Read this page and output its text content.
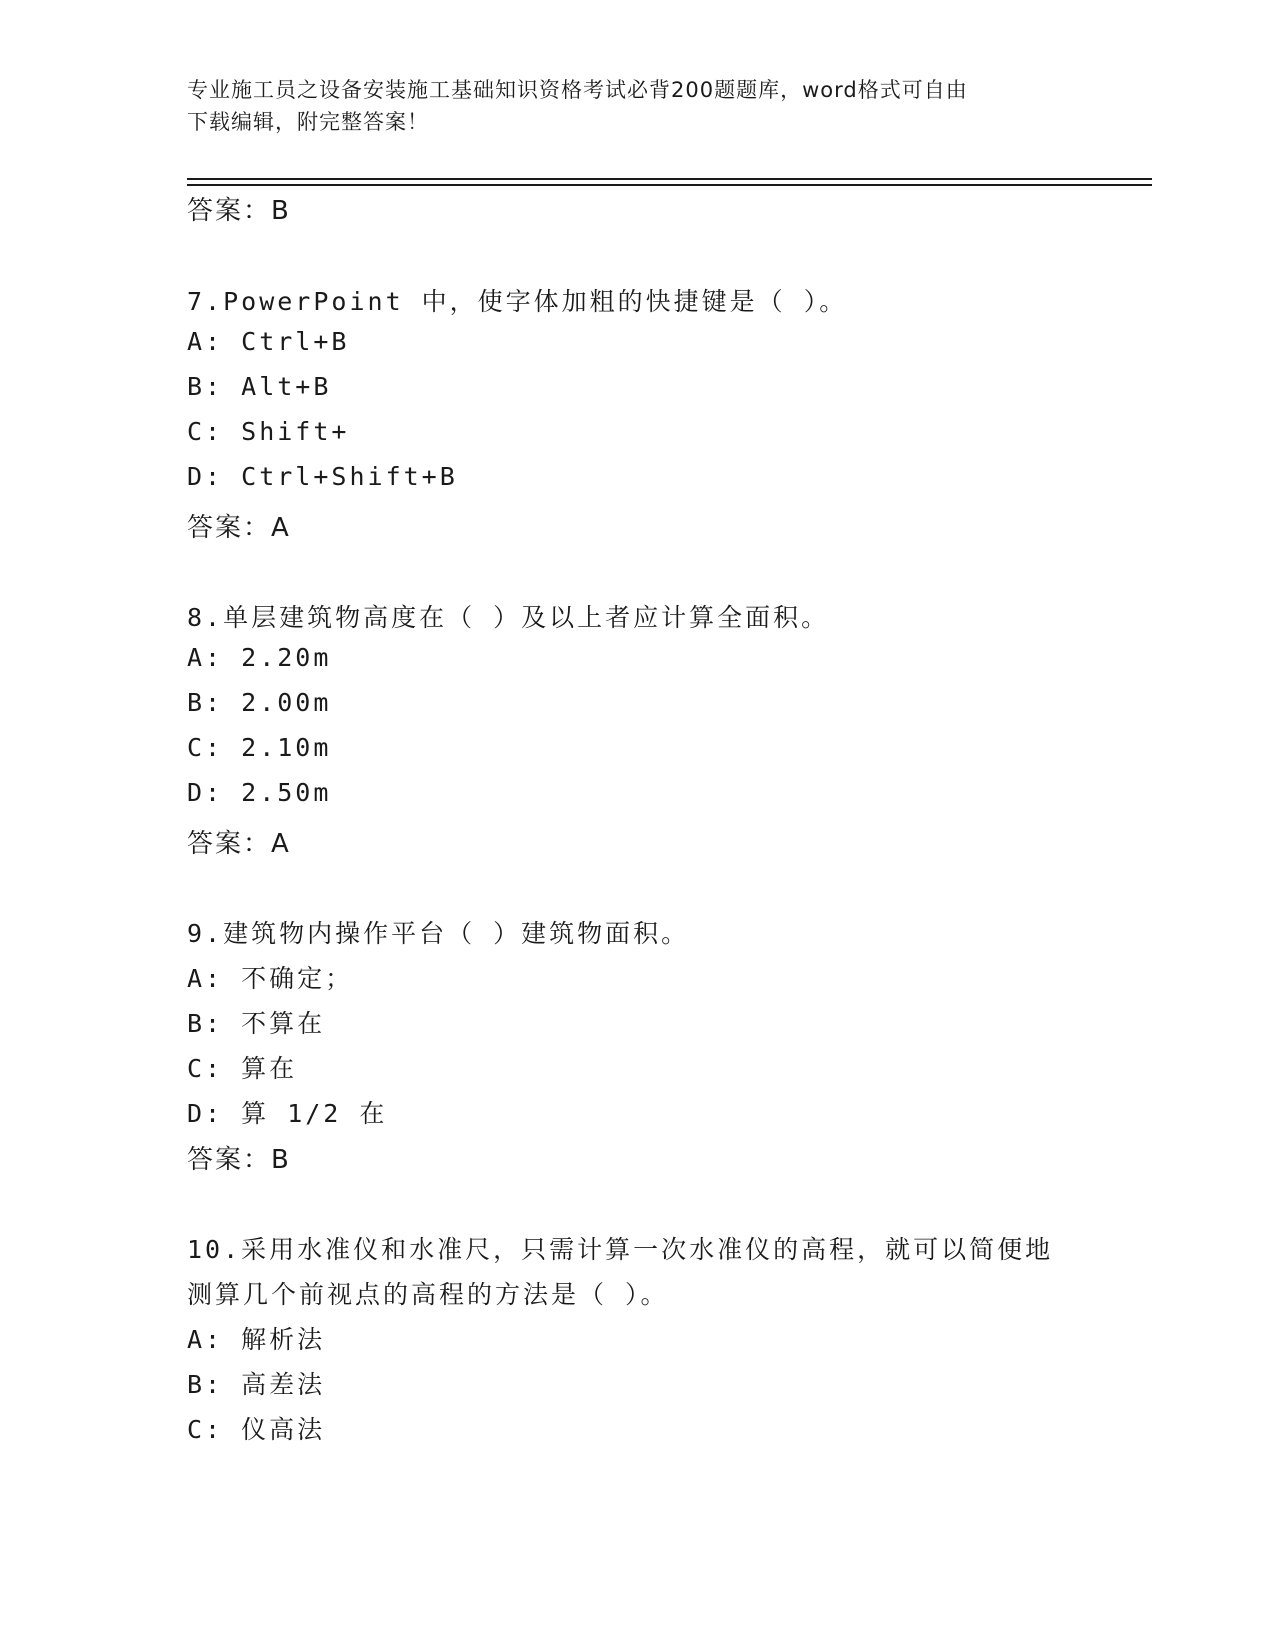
专业施工员之设备安装施工基础知识资格考试必背200题题库，word格式可自由
下载编辑，附完整答案！
答案：B
7.PowerPoint 中，使字体加粗的快捷键是（ ）。
A: Ctrl+B
B: Alt+B
C: Shift+
D: Ctrl+Shift+B
答案：A
8.单层建筑物高度在（ ）及以上者应计算全面积。
A: 2.20m
B: 2.00m
C: 2.10m
D: 2.50m
答案：A
9.建筑物内操作平台（ ）建筑物面积。
A: 不确定；
B: 不算在
C: 算在
D: 算 1/2 在
答案：B
10.采用水准仪和水准尺，只需计算一次水准仪的高程，就可以简便地
测算几个前视点的高程的方法是（ ）。
A: 解析法
B: 高差法
C: 仪高法
